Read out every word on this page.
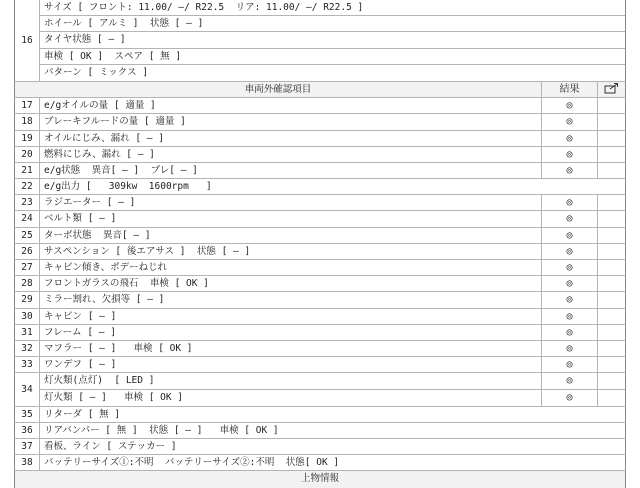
16
サイズ [ フロント: 11.00/ —/ R22.5  リア: 11.00/ —/ R22.5 ]
ホイール [ アルミ ]  状態 [ — ]
タイヤ状態 [ — ]
車検 [ OK ]  スペア [ 無 ]
パターン [ ミックス ]
車両外確認項目	結果
17	e/gオイルの量 [ 適量 ]	◎
18	ブレーキフルードの量 [ 適量 ]	◎
19	オイルにじみ、漏れ [ — ]	◎
20	燃料にじみ、漏れ [ — ]	◎
21	e/g状態  異音[ — ]  ブレ[ — ]	◎
22	e/g出力 [   309kw  1600rpm   ]
23	ラジエーター [ — ]	◎
24	ベルト類 [ — ]	◎
25	ターボ状態  異音[ — ]	◎
26	サスペンション [ 後エアサス ]  状態 [ — ]	◎
27	キャビン傾き、ボデーねじれ	◎
28	フロントガラスの飛石  車検 [ OK ]	◎
29	ミラー割れ、欠損等 [ — ]	◎
30	キャビン [ — ]	◎
31	フレーム [ — ]	◎
32	マフラー [ — ]   車検 [ OK ]	◎
33	ワンデフ [ — ]	◎
34
灯火類(点灯)  [ LED ]	◎
灯火類 [ — ]   車検 [ OK ]	◎
35	リターダ [ 無 ]
36	リアバンパー [ 無 ]  状態 [ — ]   車検 [ OK ]
37	看板、ライン [ ステッカー ]
38	バッテリーサイズ①:不明  バッテリーサイズ②:不明  状態[ OK ]
上物情報
